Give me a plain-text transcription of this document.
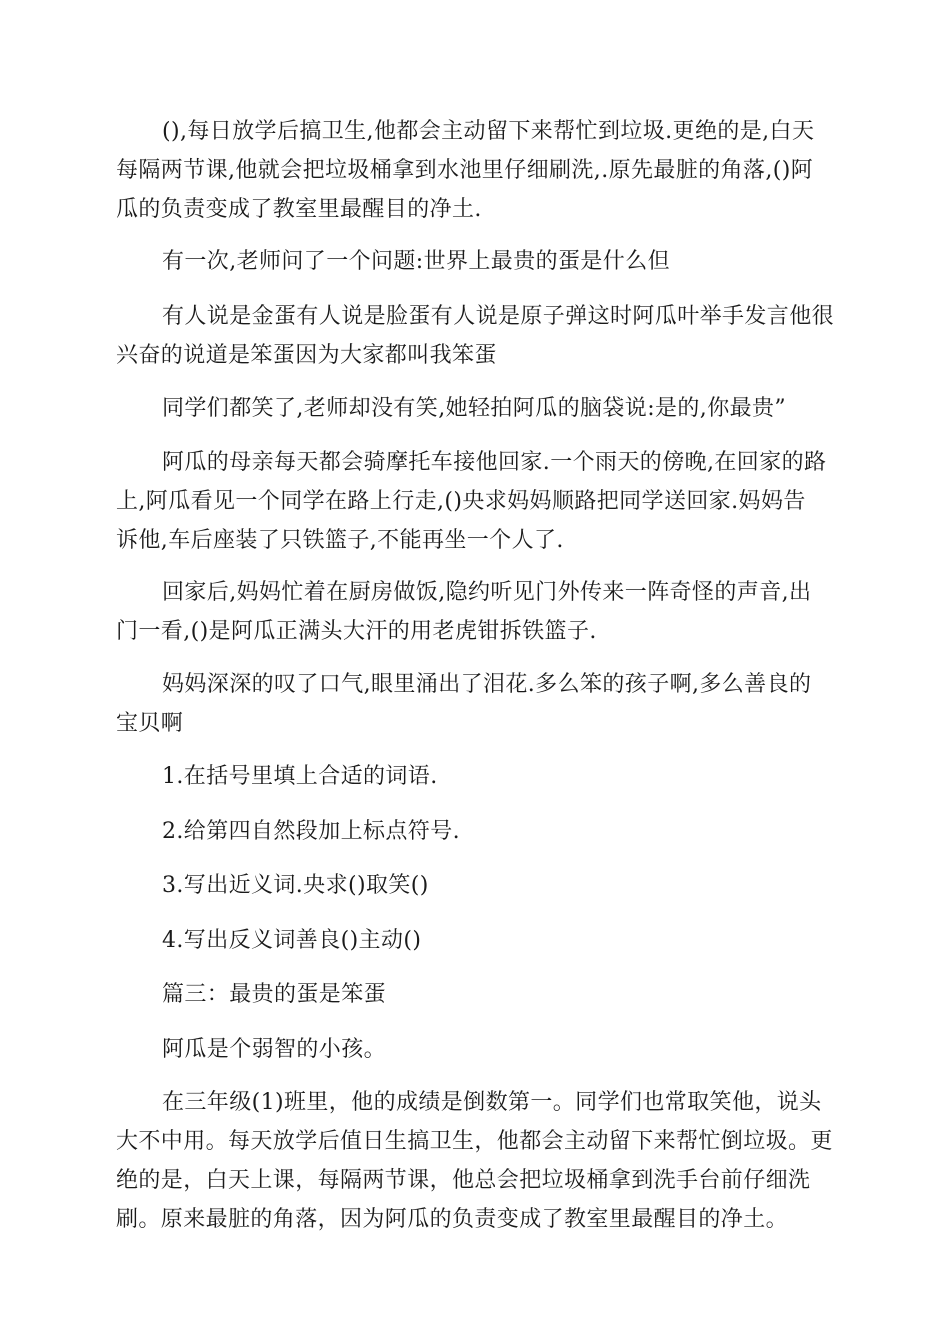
(),每日放学后搞卫生,他都会主动留下来帮忙到垃圾.更绝的是,白天
每隔两节课,他就会把垃圾桶拿到水池里仔细刷洗,.原先最脏的角落,()阿
瓜的负责变成了教室里最醒目的净土.
有一次,老师问了一个问题:世界上最贵的蛋是什么但
有人说是金蛋有人说是脸蛋有人说是原子弹这时阿瓜叶举手发言他很
兴奋的说道是笨蛋因为大家都叫我笨蛋
同学们都笑了,老师却没有笑,她轻拍阿瓜的脑袋说:是的,你最贵”
阿瓜的母亲每天都会骑摩托车接他回家.一个雨天的傍晚,在回家的路
上,阿瓜看见一个同学在路上行走,()央求妈妈顺路把同学送回家.妈妈告
诉他,车后座装了只铁篮子,不能再坐一个人了.
回家后,妈妈忙着在厨房做饭,隐约听见门外传来一阵奇怪的声音,出
门一看,()是阿瓜正满头大汗的用老虎钳拆铁篮子.
妈妈深深的叹了口气,眼里涌出了泪花.多么笨的孩子啊,多么善良的
宝贝啊
1.在括号里填上合适的词语.
2.给第四自然段加上标点符号.
3.写出近义词.央求()取笑()
4.写出反义词善良()主动()
篇三：最贵的蛋是笨蛋
阿瓜是个弱智的小孩。
在三年级(1)班里，他的成绩是倒数第一。同学们也常取笑他，说头
大不中用。每天放学后值日生搞卫生，他都会主动留下来帮忙倒垃圾。更
绝的是，白天上课，每隔两节课，他总会把垃圾桶拿到洗手台前仔细洗
刷。原来最脏的角落，因为阿瓜的负责变成了教室里最醒目的净土。
